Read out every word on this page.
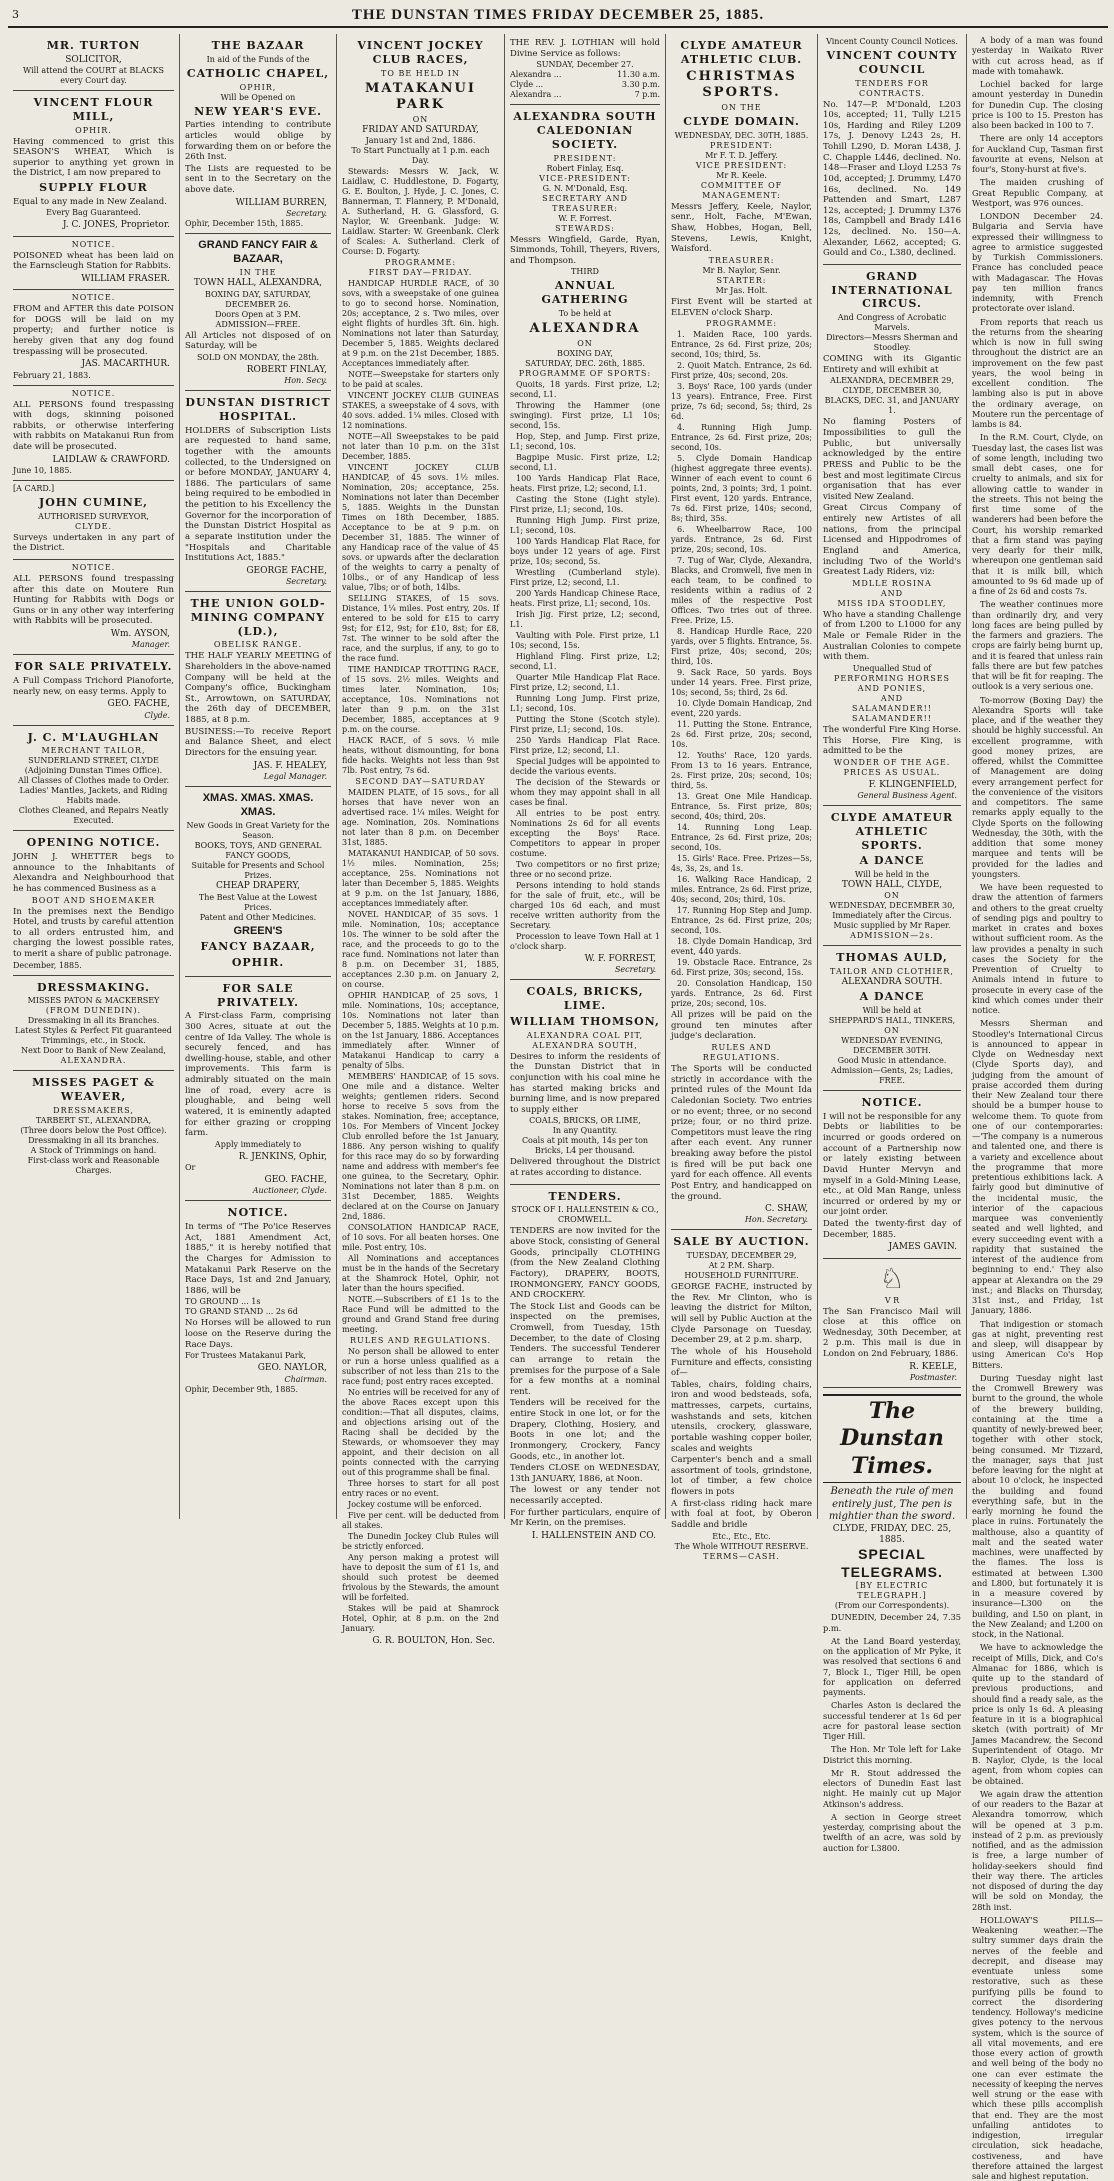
3	THE DUNSTAN TIMES FRIDAY DECEMBER 25, 1885.
MR. TURTON
SOLICITOR,
Will attend the COURT at BLACKS
every Court day.
VINCENT FLOUR MILL,
OPHIR.
Having commenced to grist this SEASON'S WHEAT, Which is superior to anything yet grown in the District, I am now prepared to
SUPPLY FLOUR
Equal to any made in New Zealand.
Every Bag Guaranteed.
J. C. JONES, Proprietor.
NOTICE.
POISONED wheat has been laid on the Earnscleugh Station for Rabbits.
WILLIAM FRASER.
NOTICE.
FROM and AFTER this date POISON for DOGS will be laid on my property; and further notice is hereby given that any dog found trespassing will be prosecuted.
JAS. MACARTHUR.
February 21, 1883.
NOTICE.
ALL PERSONS found trespassing with dogs, skinning poisoned rabbits, or otherwise interfering with rabbits on Matakanui Run from date will be prosecuted.
LAIDLAW & CRAWFORD.
June 10, 1885.
[A CARD.]
JOHN CUMINE,
AUTHORISED SURVEYOR,
CLYDE.
Surveys undertaken in any part of the District.
NOTICE.
ALL PERSONS found trespassing after this date on Moutere Run Hunting for Rabbits with Dogs or Guns or in any other way interfering with Rabbits will be prosecuted.
Wm. AYSON,
Manager.
FOR SALE PRIVATELY.
A Full Compass Trichord Pianoforte, nearly new, on easy terms. Apply to
GEO. FACHE,
Clyde.
J. C. M'LAUGHLAN
MERCHANT TAILOR,
SUNDERLAND STREET, CLYDE
(Adjoining Dunstan Times Office).
All Classes of Clothes made to Order.
Ladies' Mantles, Jackets, and Riding Habits made.
Clothes Cleaned, and Repairs Neatly Executed.
OPENING NOTICE.
JOHN J. WHETTER begs to announce to the Inhabitants of Alexandra and Neighbourhood that he has commenced Business as a
BOOT AND SHOEMAKER
In the premises next the Bendigo Hotel, and trusts by careful attention to all orders entrusted him, and charging the lowest possible rates, to merit a share of public patronage.
December, 1885.
DRESSMAKING.
MISSES PATON & MACKERSEY
(FROM DUNEDIN).
Dressmaking in all its Branches.
Latest Styles & Perfect Fit guaranteed
Trimmings, etc., in Stock.
Next Door to Bank of New Zealand,
ALEXANDRA.
MISSES PAGET & WEAVER,
DRESSMAKERS,
TARBERT ST., ALEXANDRA,
(Three doors below the Post Office).
Dressmaking in all its branches.
A Stock of Trimmings on hand.
First-class work and Reasonable Charges.
THE BAZAAR
In aid of the Funds of the
CATHOLIC CHAPEL,
OPHIR,
Will be Opened on
NEW YEAR'S EVE.
Parties intending to contribute articles would oblige by forwarding them on or before the 26th Inst.
The Lists are requested to be sent in to the Secretary on the above date.
WILLIAM BURREN,
Secretary.
Ophir, December 15th, 1885.
GRAND FANCY FAIR & BAZAAR,
IN THE
TOWN HALL, ALEXANDRA,
BOXING DAY, SATURDAY, DECEMBER 26.
Doors Open at 3 P.M.
ADMISSION—FREE.
All Articles not disposed of on Saturday, will be
SOLD ON MONDAY, the 28th.
ROBERT FINLAY,
Hon. Secy.
DUNSTAN DISTRICT HOSPITAL.
HOLDERS of Subscription Lists are requested to hand same, together with the amounts collected, to the Undersigned on or before MONDAY, JANUARY 4, 1886. The particulars of same being required to be embodied in the petition to his Excellency the Governor for the incorporation of the Dunstan District Hospital as a separate institution under the "Hospitals and Charitable Institutions Act, 1885."
GEORGE FACHE,
Secretary.
THE UNION GOLD-MINING COMPANY (LD.),
OBELISK RANGE.
THE HALF YEARLY MEETING of Shareholders in the above-named Company will be held at the Company's office, Buckingham St., Arrowtown, on SATURDAY, the 26th day of DECEMBER, 1885, at 8 p.m.
BUSINESS:—To receive Report and Balance Sheet, and elect Directors for the ensuing year.
JAS. F. HEALEY,
Legal Manager.
XMAS. XMAS. XMAS. XMAS.
New Goods in Great Variety for the Season.
BOOKS, TOYS, AND GENERAL FANCY GOODS,
Suitable for Presents and School Prizes.
CHEAP DRAPERY,
The Best Value at the Lowest Prices.
Patent and Other Medicines.
GREEN'S
FANCY BAZAAR,
OPHIR.
FOR SALE PRIVATELY.
A First-class Farm, comprising 300 Acres, situate at out the centre of Ida Valley. The whole is securely fenced, and has dwelling-house, stable, and other improvements. This farm is admirably situated on the main line of road, every acre is ploughable, and being well watered, it is eminently adapted for either grazing or cropping farm.
Apply immediately to
R. JENKINS, Ophir,
Or
GEO. FACHE,
Auctioneer, Clyde.
NOTICE.
In terms of "The Po'ice Reserves Act, 1881 Amendment Act, 1885," it is hereby notified that the Charges for Admission to Matakanui Park Reserve on the Race Days, 1st and 2nd January, 1886, will be
TO GROUND ... 1s
TO GRAND STAND ... 2s 6d
No Horses will be allowed to run loose on the Reserve during the Race Days.
For Trustees Matakanui Park,
GEO. NAYLOR,
Chairman.
Ophir, December 9th, 1885.
VINCENT JOCKEY CLUB RACES,
TO BE HELD IN
MATAKANUI PARK
ON
FRIDAY AND SATURDAY,
January 1st and 2nd, 1886.
To Start Punctually at 1 p.m. each Day.
Stewards: Messrs W. Jack, W. Laidlaw, C. Huddlestone, D. Fogarty, G. E. Boulton, J. Hyde, J. C. Jones, C. Bannerman, T. Flannery, P. M'Donald, A. Sutherland, H. G. Glassford, G. Naylor, W. Greenbank. Judge: W. Laidlaw. Starter: W. Greenbank. Clerk of Scales: A. Sutherland. Clerk of Course: D. Fogarty.
PROGRAMME:
FIRST DAY—FRIDAY.
HANDICAP HURDLE RACE, of 30 sovs, with a sweepstake of one guinea to go to second horse. Nomination, 20s; acceptance, 2 s. Two miles, over eight flights of hurdles 3ft. 6in. high. Nominations not later than Saturday, December 5, 1885. Weights declared at 9 p.m. on the 21st December, 1885. Acceptances immediately after.
NOTE—Sweepstake for starters only to be paid at scales.
VINCENT JOCKEY CLUB GUINEAS STAKES, a sweepstake of 4 sovs, with 40 sovs. added. 1¼ miles. Closed with 12 nominations.
NOTE—All Sweepstakes to be paid not later than 10 p.m. on the 31st December, 1885.
VINCENT JOCKEY CLUB HANDICAP, of 45 sovs. 1½ miles. Nomination, 20s; acceptance, 25s. Nominations not later than December 5, 1885. Weights in the Dunstan Times on 18th December, 1885. Acceptance to be at 9 p.m. on December 31, 1885. The winner of any Handicap race of the value of 45 sovs. or upwards after the declaration of the weights to carry a penalty of 10lbs., or of any Handicap of less value, 7lbs; or of both, 14lbs.
SELLING STAKES, of 15 sovs. Distance, 1¼ miles. Post entry, 20s. If entered to be sold for £15 to carry 9st; for £12, 9st; for £10, 8st; for £8, 7st. The winner to be sold after the race, and the surplus, if any, to go to the race fund.
TIME HANDICAP TROTTING RACE, of 15 sovs. 2½ miles. Weights and times later. Nomination, 10s; acceptance, 10s. Nominations not later than 9 p.m. on the 31st December, 1885, acceptances at 9 p.m. on the course.
HACK RACE, of 5 sovs. ½ mile heats, without dismounting, for bona fide hacks. Weights not less than 9st 7lb. Post entry, 7s 6d.
SECOND DAY—SATURDAY
MAIDEN PLATE, of 15 sovs., for all horses that have never won an advertised race. 1¼ miles. Weight for age. Nomination, 20s. Nominations not later than 8 p.m. on December 31st, 1885.
MATAKANUI HANDICAP, of 50 sovs. 1½ miles. Nomination, 25s; acceptance, 25s. Nominations not later than December 5, 1885. Weights at 9 p.m. on the 1st January, 1886, acceptances immediately after.
NOVEL HANDICAP, of 35 sovs. 1 mile. Nomination, 10s; acceptance 10s. The winner to be sold after the race, and the proceeds to go to the race fund. Nominations not later than 8 p.m. on December 31, 1885, acceptances 2.30 p.m. on January 2, on course.
OPHIR HANDICAP, of 25 sovs, 1 mile. Nominations, 10s; acceptance, 10s. Nominations not later than December 5, 1885. Weights at 10 p.m. on the 1st January, 1886. Acceptances immediately after. Winner of Matakanui Handicap to carry a penalty of 5lbs.
MEMBERS' HANDICAP, of 15 sovs. One mile and a distance. Welter weights; gentlemen riders. Second horse to receive 5 sovs from the stakes. Nomination, free; acceptance, 10s. For Members of Vincent Jockey Club enrolled before the 1st January, 1886. Any person wishing to qualify for this race may do so by forwarding name and address with member's fee one guinea, to the Secretary, Ophir. Nominations not later than 8 p.m. on 31st December, 1885. Weights declared at on the Course on January 2nd, 1886.
CONSOLATION HANDICAP RACE, of 10 sovs. For all beaten horses. One mile. Post entry, 10s.
All Nominations and acceptances must be in the hands of the Secretary at the Shamrock Hotel, Ophir, not later than the hours specified.
NOTE.—Subscribers of £1 1s to the Race Fund will be admitted to the ground and Grand Stand free during meeting.
RULES AND REGULATIONS.
No person shall be allowed to enter or run a horse unless qualified as a subscriber of not less than 21s to the race fund; post entry races excepted.
No entries will be received for any of the above Races except upon this condition:—That all disputes, claims, and objections arising out of the Racing shall be decided by the Stewards, or whomsoever they may appoint, and their decision on all points connected with the carrying out of this programme shall be final.
Three horses to start for all post entry races or no event.
Jockey costume will be enforced.
Five per cent. will be deducted from all stakes.
The Dunedin Jockey Club Rules will be strictly enforced.
Any person making a protest will have to deposit the sum of £1 1s, and should such protest be deemed frivolous by the Stewards, the amount will be forfeited.
Stakes will be paid at Shamrock Hotel, Ophir, at 8 p.m. on the 2nd January.
G. R. BOULTON, Hon. Sec.
THE REV. J. LOTHIAN will hold Divine Service as follows:
SUNDAY, December 27.
Alexandra ...	11.30 a.m.
Clyde ...	3.30 p.m.
Alexandra ...	7 p.m.
ALEXANDRA SOUTH CALEDONIAN SOCIETY.
PRESIDENT:
Robert Finlay, Esq.
VICE-PRESIDENT:
G. N. M'Donald, Esq.
SECRETARY AND TREASURER:
W. F. Forrest.
STEWARDS:
Messrs Wingfield, Garde, Ryan, Simmonds, Tohill, Theyers, Rivers, and Thompson.
THIRD
ANNUAL GATHERING
To be held at
ALEXANDRA
ON
BOXING DAY,
SATURDAY, DEC. 26th, 1885.
PROGRAMME OF SPORTS:
Quoits, 18 yards. First prize, L2; second, L1.
Throwing the Hammer (one swinging). First prize, L1 10s; second, 15s.
Hop, Step, and Jump. First prize, L1; second, 10s.
Bagpipe Music. First prize, L2; second, L1.
100 Yards Handicap Flat Race, heats. First prize, L2; second, L1.
Casting the Stone (Light style). First prize, L1; second, 10s.
Running High Jump. First prize, L1; second, 10s.
100 Yards Handicap Flat Race, for boys under 12 years of age. First prize, 10s; second, 5s.
Wrestling (Cumberland style). First prize, L2; second, L1.
200 Yards Handicap Chinese Race, heats. First prize, L1; second, 10s.
Irish Jig. First prize, L2; second, L1.
Vaulting with Pole. First prize, L1 10s; second, 15s.
Highland Fling. First prize, L2; second, L1.
Quarter Mile Handicap Flat Race. First prize, L2; second, L1.
Running Long Jump. First prize, L1; second, 10s.
Putting the Stone (Scotch style). First prize, L1; second, 10s.
250 Yards Handicap Flat Race. First prize, L2; second, L1.
Special Judges will be appointed to decide the various events.
The decision of the Stewards or whom they may appoint shall in all cases be final.
All entries to be post entry. Nominations 2s 6d for all events excepting the Boys' Race. Competitors to appear in proper costume.
Two competitors or no first prize; three or no second prize.
Persons intending to hold stands for the sale of fruit, etc., will be charged 10s 6d each, and must receive written authority from the Secretary.
Procession to leave Town Hall at 1 o'clock sharp.
W. F. FORREST,
Secretary.
COALS, BRICKS, LIME.
WILLIAM THOMSON,
ALEXANDRA COAL PIT,
ALEXANDRA SOUTH,
Desires to inform the residents of the Dunstan District that in conjunction with his coal mine he has started making bricks and burning lime, and is now prepared to supply either
COALS, BRICKS, OR LIME,
In any Quantity.
Coals at pit mouth, 14s per ton
Bricks, L4 per thousand.
Delivered throughout the District at rates according to distance.
TENDERS.
STOCK OF I. HALLENSTEIN & CO., CROMWELL.
TENDERS are now invited for the above Stock, consisting of General Goods, principally CLOTHING (from the New Zealand Clothing Factory), DRAPERY, BOOTS, IRONMONGERY, FANCY GOODS, AND CROCKERY.
The Stock List and Goods can be inspected on the premises, Cromwell, from Tuesday, 15th December, to the date of Closing Tenders. The successful Tenderer can arrange to retain the premises for the purpose of a Sale for a few months at a nominal rent.
Tenders will be received for the entire Stock in one lot, or for the Drapery, Clothing, Hosiery, and Boots in one lot; and the Ironmongery, Crockery, Fancy Goods, etc., in another lot.
Tenders CLOSE on WEDNESDAY, 13th JANUARY, 1886, at Noon.
The lowest or any tender not necessarily accepted.
For further particulars, enquire of Mr Kerin, on the premises.
I. HALLENSTEIN AND CO.
CLYDE AMATEUR ATHLETIC CLUB.
CHRISTMAS SPORTS.
ON THE
CLYDE DOMAIN.
WEDNESDAY, DEC. 30TH, 1885.
PRESIDENT:
Mr F. T. D. Jeffery.
VICE PRESIDENT:
Mr R. Keele.
COMMITTEE OF MANAGEMENT:
Messrs Jeffery, Keele, Naylor, senr., Holt, Fache, M'Ewan, Shaw, Hobbes, Hogan, Bell, Stevens, Lewis, Knight, Waisford.
TREASURER:
Mr B. Naylor, Senr.
STARTER:
Mr Jas. Holt.
First Event will be started at ELEVEN o'clock Sharp.
PROGRAMME:
1. Maiden Race, 100 yards. Entrance, 2s 6d. First prize, 20s; second, 10s; third, 5s.
2. Quoit Match. Entrance, 2s 6d. First prize, 40s; second, 20s.
3. Boys' Race, 100 yards (under 13 years). Entrance, Free. First prize, 7s 6d; second, 5s; third, 2s 6d.
4. Running High Jump. Entrance, 2s 6d. First prize, 20s; second, 10s.
5. Clyde Domain Handicap (highest aggregate three events). Winner of each event to count 6 points, 2nd, 3 points; 3rd, 1 point. First event, 120 yards. Entrance, 7s 6d. First prize, 140s; second, 8s; third, 35s.
6. Wheelbarrow Race, 100 yards. Entrance, 2s 6d. First prize, 20s; second, 10s.
7. Tug of War, Clyde, Alexandra, Blacks, and Cromwell, five men in each team, to be confined to residents within a radius of 2 miles of the respective Post Offices. Two tries out of three. Free. Prize, L5.
8. Handicap Hurdle Race, 220 yards, over 5 flights. Entrance, 5s. First prize, 40s; second, 20s; third, 10s.
9. Sack Race, 50 yards. Boys under 14 years. Free. First prize, 10s; second, 5s; third, 2s 6d.
10. Clyde Domain Handicap, 2nd event, 220 yards.
11. Putting the Stone. Entrance, 2s 6d. First prize, 20s; second, 10s.
12. Youths' Race, 120 yards. From 13 to 16 years. Entrance, 2s. First prize, 20s; second, 10s; third, 5s.
13. Great One Mile Handicap. Entrance, 5s. First prize, 80s; second, 40s; third, 20s.
14. Running Long Leap. Entrance, 2s 6d. First prize, 20s; second, 10s.
15. Girls' Race. Free. Prizes—5s, 4s, 3s, 2s, and 1s.
16. Walking Race Handicap, 2 miles. Entrance, 2s 6d. First prize, 40s; second, 20s; third, 10s.
17. Running Hop Step and Jump. Entrance, 2s 6d. First prize, 20s; second, 10s.
18. Clyde Domain Handicap, 3rd event, 440 yards.
19. Obstacle Race. Entrance, 2s 6d. First prize, 30s; second, 15s.
20. Consolation Handicap, 150 yards. Entrance, 2s 6d. First prize, 20s; second, 10s.
All prizes will be paid on the ground ten minutes after judge's declaration.
RULES AND REGULATIONS.
The Sports will be conducted strictly in accordance with the printed rules of the Mount Ida Caledonian Society. Two entries or no event; three, or no second prize; four, or no third prize. Competitors must leave the ring after each event. Any runner breaking away before the pistol is fired will be put back one yard for each offence. All events Post Entry, and handicapped on the ground.
C. SHAW,
Hon. Secretary.
SALE BY AUCTION.
TUESDAY, DECEMBER 29,
At 2 P.M. Sharp.
HOUSEHOLD FURNITURE.
GEORGE FACHE, instructed by the Rev. Mr Clinton, who is leaving the district for Milton, will sell by Public Auction at the Clyde Parsonage on Tuesday, December 29, at 2 p.m. sharp,
The whole of his Household Furniture and effects, consisting of—
Tables, chairs, folding chairs, iron and wood bedsteads, sofa, mattresses, carpets, curtains, washstands and sets, kitchen utensils, crockery, glassware, portable washing copper boiler, scales and weights
Carpenter's bench and a small assortment of tools, grindstone, lot of timber, a few choice flowers in pots
A first-class riding hack mare with foal at foot, by Oberon Saddle and bridle
Etc., Etc., Etc.
The Whole WITHOUT RESERVE.
TERMS—CASH.
Vincent County Council Notices.
VINCENT COUNTY COUNCIL
TENDERS FOR CONTRACTS.
No. 147—P. M'Donald, L203 10s, accepted; 11, Tully L215 10s, Harding and Riley L209 17s, J. Denovy L243 2s, H. Tohill L290, D. Moran L438, J. C. Chapple L446, declined. No. 148—Fraser and Lloyd L253 7s 10d, accepted; J. Drummy, L470 16s, declined. No. 149 Pattenden and Smart, L287 12s, accepted; J. Drummy L376 18s, Campbell and Brady L416 12s, declined. No. 150—A. Alexander, L662, accepted; G. Gould and Co., L380, declined.
GRAND INTERNATIONAL CIRCUS.
And Congress of Acrobatic Marvels.
Directors—Messrs Sherman and Stoodley.
COMING with its Gigantic Entirety and will exhibit at
ALEXANDRA, DECEMBER 29, CLYDE, DECEMBER 30, BLACKS, DEC. 31, and JANUARY 1.
No flaming Posters of Impossibilities to gull the Public, but universally acknowledged by the entire PRESS and Public to be the best and most legitimate Circus organisation that has ever visited New Zealand.
Great Circus Company of entirely new Artistes of all nations, from the principal Licensed and Hippodromes of England and America, including Two of the World's Greatest Lady Riders, viz:
MDLLE ROSINA
AND
MISS IDA STOODLEY,
Who have a standing Challenge of from L200 to L1000 for any Male or Female Rider in the Australian Colonies to compete with them.
Unequalled Stud of
PERFORMING HORSES AND PONIES,
AND
SALAMANDER!!
SALAMANDER!!
The wonderful Fire King Horse. This Horse, Fire King, is admitted to be the
WONDER OF THE AGE.
PRICES AS USUAL.
F. KLINGENFIELD,
General Business Agent.
CLYDE AMATEUR ATHLETIC SPORTS.
A DANCE
Will be held in the
TOWN HALL, CLYDE,
ON
WEDNESDAY, DECEMBER 30,
Immediately after the Circus.
Music supplied by Mr Raper.
ADMISSION—2s.
THOMAS AULD,
TAILOR AND CLOTHIER,
ALEXANDRA SOUTH.
A DANCE
Will be held at
SHEPPARD'S HALL, TINKERS,
ON
WEDNESDAY EVENING,
DECEMBER 30TH.
Good Music in attendance.
Admission—Gents, 2s; Ladies, FREE.
NOTICE.
I will not be responsible for any Debts or liabilities to be incurred or goods ordered on account of a Partnership now or lately existing between David Hunter Mervyn and myself in a Gold-Mining Lease, etc., at Old Man Range, unless incurred or ordered by my or our joint order.
Dated the twenty-first day of December, 1885.
JAMES GAVIN.
♘
V R
The San Francisco Mail will close at this office on Wednesday, 30th December, at 2 p.m. This mail is due in London on 2nd February, 1886.
R. KEELE,
Postmaster.
The Dunstan Times.
Beneath the rule of men entirely just, The pen is mightier than the sword.
CLYDE, FRIDAY, DEC. 25, 1885.
SPECIAL TELEGRAMS.
[BY ELECTRIC TELEGRAPH.]
(From our Correspondents).
DUNEDIN, December 24, 7.35 p.m.
At the Land Board yesterday, on the application of Mr Pyke, it was resolved that sections 6 and 7, Block I., Tiger Hill, be open for application on deferred payments.
Charles Aston is declared the successful tenderer at 1s 6d per acre for pastoral lease section Tiger Hill.
The Hon. Mr Tole left for Lake District this morning.
Mr R. Stout addressed the electors of Dunedin East last night. He mainly cut up Major Atkinson's address.
A section in George street yesterday, comprising about the twelfth of an acre, was sold by auction for L3800.
A body of a man was found yesterday in Waikato River with cut across head, as if made with tomahawk.
Lochiel backed for large amount yesterday in Dunedin for Dunedin Cup. The closing price is 100 to 15. Preston has also been backed in 100 to 7.
There are only 14 acceptors for Auckland Cup, Tasman first favourite at evens, Nelson at four's, Stony-hurst at five's.
The maiden crushing of Great Republic Company, at Westport, was 976 ounces.
LONDON December 24. Bulgaria and Servia have expressed their willingness to agree to armistice suggested by Turkish Commissioners. France has concluded peace with Madagascar. The Hovas pay ten million francs indemnity, with French protectorate over island.
From reports that reach us the returns from the shearing which is now in full swing throughout the district are an improvement on the few past years, the wool being in excellent condition. The lambing also is put in above the ordinary average, on Moutere run the percentage of lambs is 84.
In the R.M. Court, Clyde, on Tuesday last, the cases list was of some length, including two small debt cases, one for cruelty to animals, and six for allowing cattle to wander in the streets. This not being the first time some of the wanderers had been before the Court, his worship remarked that a firm stand was paying very dearly for their milk, whereupon one gentleman said that it is milk bill, which amounted to 9s 6d made up of a fine of 2s 6d and costs 7s.
The weather continues more than ordinarily dry, and very long faces are being pulled by the farmers and graziers. The crops are fairly being burnt up, and it is feared that unless rain falls there are but few patches that will be fit for reaping. The outlook is a very serious one.
To-morrow (Boxing Day) the Alexandra Sports will take place, and if the weather they should be highly successful. An excellent programme, with good money prizes, are offered, whilst the Committee of Management are doing every arrangement perfect for the convenience of the visitors and competitors. The same remarks apply equally to the Clyde Sports on the following Wednesday, the 30th, with the addition that some money marquee and tents will be provided for the ladies and youngsters.
We have been requested to draw the attention of farmers and others to the great cruelty of sending pigs and poultry to market in crates and boxes without sufficient room. As the law provides a penalty in such cases the Society for the Prevention of Cruelty to Animals intend in future to prosecute in every case of the kind which comes under their notice.
Messrs Sherman and Stoodley's International Circus is announced to appear in Clyde on Wednesday next (Clyde Sports day), and judging from the amount of praise accorded them during their New Zealand tour there should be a bumper house to welcome them. To quote from one of our contemporaries:—'The company is a numerous and talented one, and there is a variety and excellence about the programme that more pretentious exhibitions lack. A fairly good but diminutive of the incidental music, the interior of the capacious marquee was conveniently seated and well lighted, and every succeeding event with a rapidity that sustained the interest of the audience from beginning to end.' They also appear at Alexandra on the 29 inst.; and Blacks on Thursday, 31st inst., and Friday, 1st January, 1886.
That indigestion or stomach gas at night, preventing rest and sleep, will disappear by using American Co's Hop Bitters.
During Tuesday night last the Cromwell Brewery was burnt to the ground, the whole of the brewery building, containing at the time a quantity of newly-brewed beer, together with other stock, being consumed. Mr Tizzard, the manager, says that just before leaving for the night at about 10 o'clock, he inspected the building and found everything safe, but in the early morning he found the place in ruins. Fortunately the malthouse, also a quantity of malt and the seated water machines, were unaffected by the flames. The loss is estimated at between L300 and L800, but fortunately it is in a measure covered by insurance—L300 on the building, and L50 on plant, in the New Zealand; and L200 on stock, in the National.
We have to acknowledge the receipt of Mills, Dick, and Co's Almanac for 1886, which is quite up to the standard of previous productions, and should find a ready sale, as the price is only 1s 6d. A pleasing feature in it is a biographical sketch (with portrait) of Mr James Macandrew, the Second Superintendent of Otago. Mr B. Naylor, Clyde, is the local agent, from whom copies can be obtained.
We again draw the attention of our readers to the Bazar at Alexandra tomorrow, which will be opened at 3 p.m. instead of 2 p.m. as previously notified, and as the admission is free, a large number of holiday-seekers should find their way there. The articles not disposed of during the day will be sold on Monday, the 28th inst.
HOLLOWAY'S PILLS—Weakening weather.—The sultry summer days drain the nerves of the feeble and decrepit, and disease may eventuate unless some restorative, such as these purifying pills be found to correct the disordering tendency. Holloway's medicine gives potency to the nervous system, which is the source of all vital movements, and ere those every action of growth and well being of the body no one can ever estimate the necessity of keeping the nerves well strung or the ease with which these pills accomplish that end. They are the most unfailing antidotes to indigestion, irregular circulation, sick headache, costiveness, and have therefore attained the largest sale and highest reputation.
